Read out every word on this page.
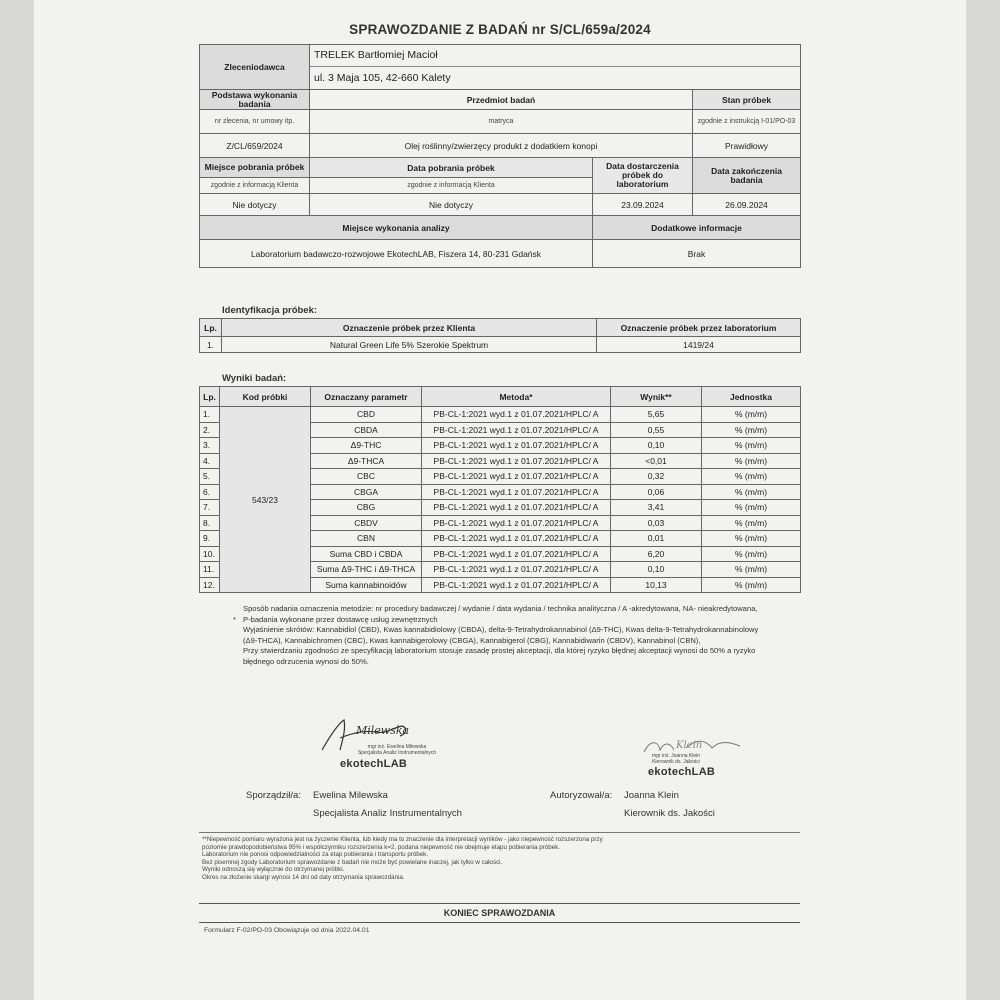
SPRAWOZDANIE Z BADAŃ nr S/CL/659a/2024
Zleceniodawca	TRELEK Bartłomiej Macioł
ul. 3 Maja 105, 42-660 Kalety		

Podstawa wykonania badania	Przedmiot badań		Stan próbek
nr zlecenia, nr umowy itp.	matryca		zgodnie z instrukcją I-01/PO-03
Z/CL/659/2024	Olej roślinny/zwierzęcy produkt z dodatkiem konopi		Prawidłowy
Miejsce pobrania próbek	Data pobrania próbek	Data dostarczenia próbek do laboratorium	Data zakończenia badania
zgodnie z informacją Klienta	zgodnie z informacją Klienta		
Nie dotyczy	Nie dotyczy	23.09.2024	26.09.2024
Miejsce wykonania analizy		Dodatkowe informacje	
Laboratorium badawczo-rozwojowe EkotechLAB, Fiszera 14, 80-231 Gdańsk		Brak	
Identyfikacja próbek:
Lp.	Oznaczenie próbek przez Klienta	Oznaczenie próbek przez laboratorium
1.	Natural Green Life 5% Szerokie Spektrum	1419/24
Wyniki badań:
Lp.	Kod próbki	Oznaczany parametr	Metoda*	Wynik**	Jednostka
1.	543/23	CBD	PB-CL-1:2021 wyd.1 z 01.07.2021/HPLC/ A	5,65	% (m/m)
2.		CBDA	PB-CL-1:2021 wyd.1 z 01.07.2021/HPLC/ A	0,55	% (m/m)
3.		Δ9-THC	PB-CL-1:2021 wyd.1 z 01.07.2021/HPLC/ A	0,10	% (m/m)
4.		Δ9-THCA	PB-CL-1:2021 wyd.1 z 01.07.2021/HPLC/ A	<0,01	% (m/m)
5.		CBC	PB-CL-1:2021 wyd.1 z 01.07.2021/HPLC/ A	0,32	% (m/m)
6.		CBGA	PB-CL-1:2021 wyd.1 z 01.07.2021/HPLC/ A	0,06	% (m/m)
7.		CBG	PB-CL-1:2021 wyd.1 z 01.07.2021/HPLC/ A	3,41	% (m/m)
8.		CBDV	PB-CL-1:2021 wyd.1 z 01.07.2021/HPLC/ A	0,03	% (m/m)
9.		CBN	PB-CL-1:2021 wyd.1 z 01.07.2021/HPLC/ A	0,01	% (m/m)
10.		Suma CBD i CBDA	PB-CL-1:2021 wyd.1 z 01.07.2021/HPLC/ A	6,20	% (m/m)
11.		Suma Δ9-THC i Δ9-THCA	PB-CL-1:2021 wyd.1 z 01.07.2021/HPLC/ A	0,10	% (m/m)
12.		Suma kannabinoidów	PB-CL-1:2021 wyd.1 z 01.07.2021/HPLC/ A	10,13	% (m/m)
Sposób nadania oznaczenia metodzie: nr procedury badawczej / wydanie / data wydania / technika analityczna / A -akredytowana, NA- nieakredytowana,
* P-badania wykonane przez dostawcę usług zewnętrznych
Wyjaśnienie skrótów: Kannabidiol (CBD), Kwas kannabidiolowy (CBDA), delta-9-Tetrahydrokannabinol (Δ9-THC), Kwas delta-9-Tetrahydrokannabinolowy
(Δ9-THCA), Kannabichromen (CBC), Kwas kannabigerolowy (CBGA), Kannabigerol (CBG), Kannabidiwarin (CBDV), Kannabinol (CBN),
Przy stwierdzaniu zgodności ze specyfikacją laboratorium stosuje zasadę prostej akceptacji, dla której ryzyko błędnej akceptacji wynosi do 50% a ryzyko
błędnego odrzucenia wynosi do 50%.
Milewska
mgr inż. Ewelina Milewska
Specjalista Analiz Instrumentalnych
ekotechLAB
Klein
mgr inż. Joanna Klein
Kierownik ds. Jakości
ekotechLAB
Sporządził/a: Ewelina Milewska
Specjalista Analiz Instrumentalnych
Autoryzował/a: Joanna Klein
Kierownik ds. Jakości
**Niepewność pomiaru wyrażona jest na życzenie Klienta, lub kiedy ma to znaczenie dla interpretacji wyników - jako niepewność rozszerzona przy
poziomie prawdopodobieństwa 95% i współczynniku rozszerzenia k=2, podana niepewność nie obejmuje etapu pobierania próbek.
Laboratorium nie ponosi odpowiedzialności za etap pobierania i transportu próbek.
Bez pisemnej zgody Laboratorium sprawozdanie z badań nie może być powielane inaczej, jak tylko w całości.
Wyniki odnoszą się wyłącznie do otrzymanej próbki.
Okres na złożenie skargi wynosi 14 dni od daty otrzymania sprawozdania.
KONIEC SPRAWOZDANIA
Formularz F-02/PO-03 Obowiązuje od dnia 2022.04.01
